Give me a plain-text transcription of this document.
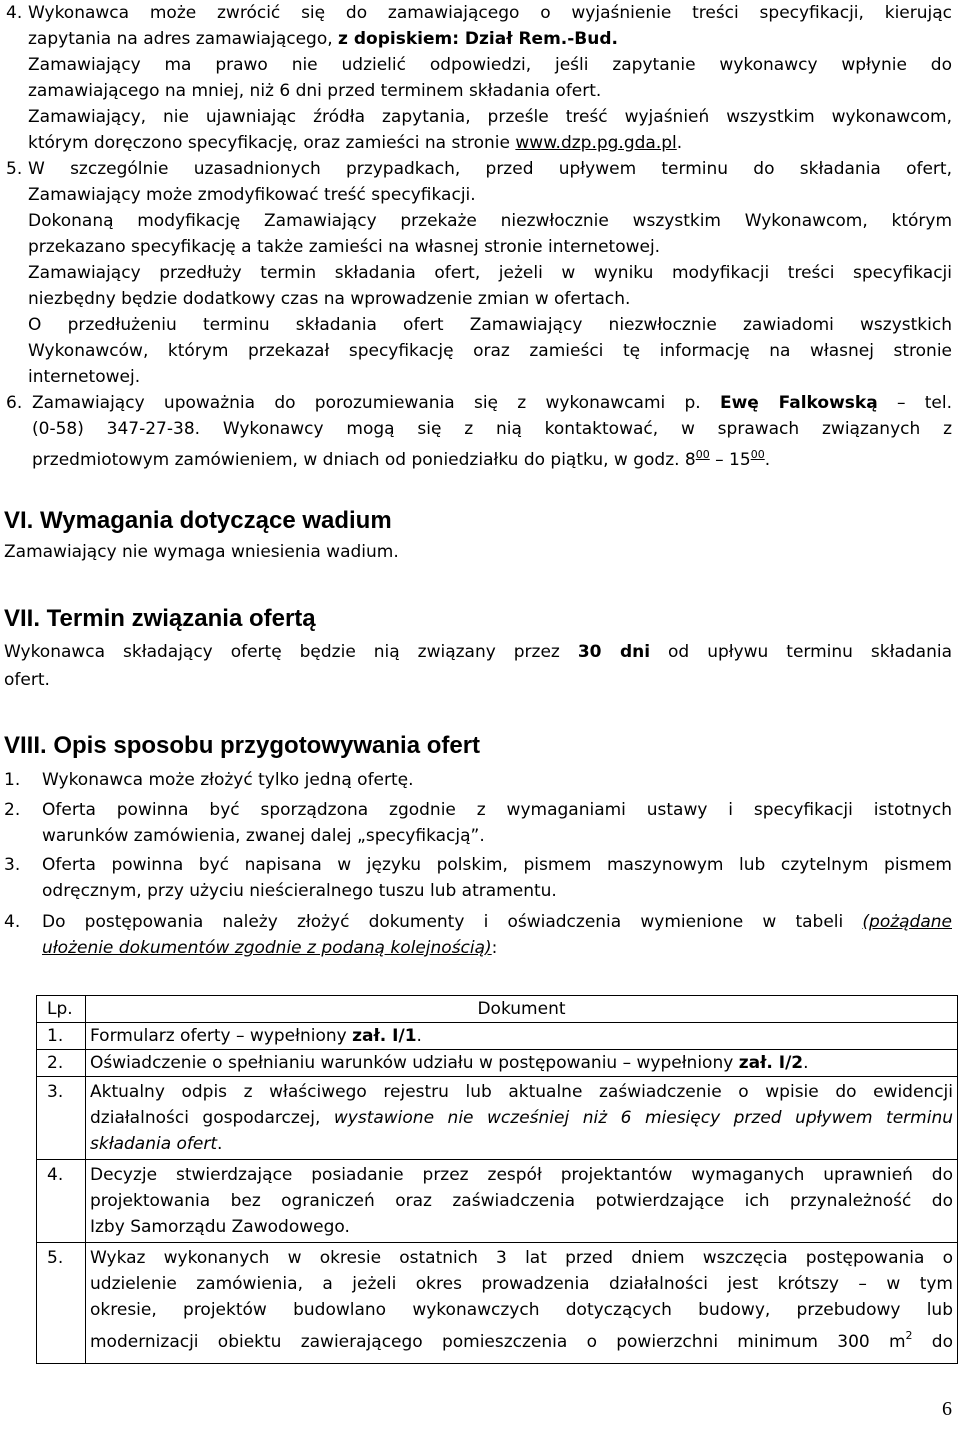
4. Wykonawca może zwrócić się do zamawiającego o wyjaśnienie treści specyfikacji, kierując
zapytania na adres zamawiającego, z dopiskiem: Dział Rem.-Bud.
Zamawiający ma prawo nie udzielić odpowiedzi, jeśli zapytanie wykonawcy wpłynie do
zamawiającego na mniej, niż 6 dni przed terminem składania ofert.
Zamawiający, nie ujawniając źródła zapytania, prześle treść wyjaśnień wszystkim wykonawcom,
którym doręczono specyfikację, oraz zamieści na stronie www.dzp.pg.gda.pl.
5. W szczególnie uzasadnionych przypadkach, przed upływem terminu do składania ofert,
Zamawiający może zmodyfikować treść specyfikacji.
Dokonaną modyfikację Zamawiający przekaże niezwłocznie wszystkim Wykonawcom, którym
przekazano specyfikację a także zamieści na własnej stronie internetowej.
Zamawiający przedłuży termin składania ofert, jeżeli w wyniku modyfikacji treści specyfikacji
niezbędny będzie dodatkowy czas na wprowadzenie zmian w ofertach.
O przedłużeniu terminu składania ofert Zamawiający niezwłocznie zawiadomi wszystkich
Wykonawców, którym przekazał specyfikację oraz zamieści tę informację na własnej stronie
internetowej.
6. Zamawiający upoważnia do porozumiewania się z wykonawcami p. Ewę Falkowską – tel.
(0-58) 347-27-38. Wykonawcy mogą się z nią kontaktować, w sprawach związanych z
przedmiotowym zamówieniem, w dniach od poniedziałku do piątku, w godz. $8^{00} - 15^{00}$.
VI. Wymagania dotyczące wadium
Zamawiający nie wymaga wniesienia wadium.
VII. Termin związania ofertą
Wykonawca składający ofertę będzie nią związany przez 30 dni od upływu terminu składania
ofert.
VIII. Opis sposobu przygotowywania ofert
1. Wykonawca może złożyć tylko jedną ofertę.
2. Oferta powinna być sporządzona zgodnie z wymaganiami ustawy i specyfikacji istotnych
warunków zamówienia, zwanej dalej „specyfikacją”.
3. Oferta powinna być napisana w języku polskim, pismem maszynowym lub czytelnym pismem
odręcznym, przy użyciu nieścieralnego tuszu lub atramentu.
4. Do postępowania należy złożyć dokumenty i oświadczenia wymienione w tabeli (pożądane
ułożenie dokumentów zgodnie z podaną kolejnością):
Lp.	Dokument
1.	Formularz oferty – wypełniony zał. I/1.
2.	Oświadczenie o spełnianiu warunków udziału w postępowaniu – wypełniony zał. I/2.
3.	Aktualny odpis z właściwego rejestru lub aktualne zaświadczenie o wpisie do ewidencji
działalności gospodarczej, wystawione nie wcześniej niż 6 miesięcy przed upływem terminu
składania ofert.

4.	Decyzje stwierdzające posiadanie przez zespół projektantów wymaganych uprawnień do
projektowania bez ograniczeń oraz zaświadczenia potwierdzające ich przynależność do
Izby Samorządu Zawodowego.

5.	Wykaz wykonanych w okresie ostatnich 3 lat przed dniem wszczęcia postępowania o
udzielenie zamówienia, a jeżeli okres prowadzenia działalności jest krótszy – w tym
okresie, projektów budowlano wykonawczych dotyczących budowy, przebudowy lub
modernizacji obiektu zawierającego pomieszczenia o powierzchni minimum 300 $m^2$ do
6
